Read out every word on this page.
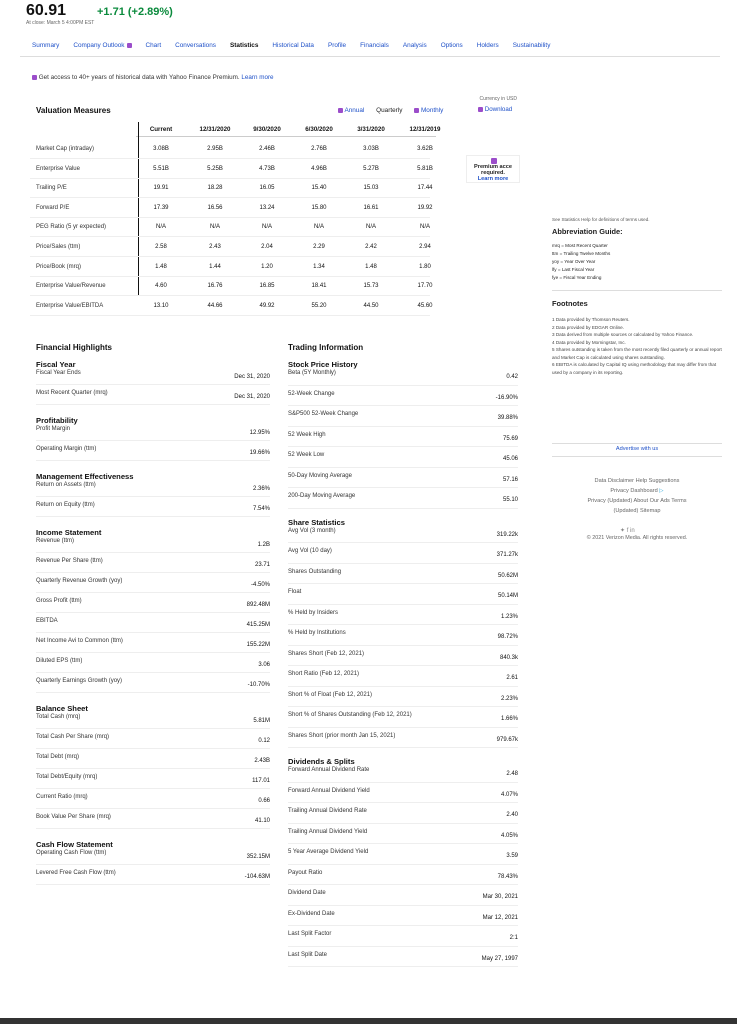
60.91	+1.71 (+2.89%)
At close: March 5 4:00PM EST
Summary Company Outlook	Chart Conversations Statistics Historical Data Profile Financials Analysis Options Holders Sustainability
Get access to 40+ years of historical data with Yahoo Finance Premium. Learn more
Valuation Measures	Annual Quarterly	Monthly
Currency in USD
Download
Current	12/31/2020	9/30/2020	6/30/2020	3/31/2020	12/31/2019
Market Cap (intraday)	3.08B	2.95B	2.46B	2.76B	3.03B	3.62B
Enterprise Value	5.51B	5.25B	4.73B	4.96B	5.27B	5.81B
Trailing P/E	19.91	18.28	16.05	15.40	15.03	17.44
Forward P/E	17.39	16.56	13.24	15.80	16.61	19.92
PEG Ratio (5 yr expected)	N/A	N/A	N/A	N/A	N/A	N/A
Price/Sales (ttm)	2.58	2.43	2.04	2.29	2.42	2.94
Price/Book (mrq)	1.48	1.44	1.20	1.34	1.48	1.80
Enterprise Value/Revenue	4.60	16.76	16.85	18.41	15.73	17.70
Enterprise Value/EBITDA	13.10	44.66	49.92	55.20	44.50	45.60
Premium acce
required.
Learn more
See Statistics Help for definitions of terms used.
Abbreviation Guide:
mrq = Most Recent Quarter
ttm = Trailing Twelve Months
yoy = Year Over Year
lfy = Last Fiscal Year
fye = Fiscal Year Ending
Footnotes
1 Data provided by Thomson Reuters.
2 Data provided by EDGAR Online.
3 Data derived from multiple sources or calculated by Yahoo Finance.
4 Data provided by Morningstar, Inc.
5 Shares outstanding is taken from the most recently filed quarterly or annual report and Market Cap is calculated using shares outstanding.
6 EBITDA is calculated by Capital IQ using methodology that may differ from that used by a company in its reporting.
Advertise with us
Data Disclaimer Help Suggestions
Privacy Dashboard ▷
Privacy (Updated) About Our Ads Terms
(Updated) Sitemap
✦ f in
© 2021 Verizon Media. All rights reserved.
Financial Highlights
Fiscal Year
Fiscal Year Ends
Dec 31, 2020
Most Recent Quarter (mrq)
Dec 31, 2020
Profitability
Profit Margin
12.95%
Operating Margin (ttm)
19.66%
Management Effectiveness
Return on Assets (ttm)
2.36%
Return on Equity (ttm)
7.54%
Income Statement
Revenue (ttm)
1.2B
Revenue Per Share (ttm)
23.71
Quarterly Revenue Growth (yoy)
-4.50%
Gross Profit (ttm)
892.48M
EBITDA
415.25M
Net Income Avi to Common (ttm)
155.22M
Diluted EPS (ttm)
3.06
Quarterly Earnings Growth (yoy)
-10.70%
Balance Sheet
Total Cash (mrq)
5.81M
Total Cash Per Share (mrq)
0.12
Total Debt (mrq)
2.43B
Total Debt/Equity (mrq)
117.01
Current Ratio (mrq)
0.66
Book Value Per Share (mrq)
41.10
Cash Flow Statement
Operating Cash Flow (ttm)
352.15M
Levered Free Cash Flow (ttm)
-104.63M
Trading Information
Stock Price History
Beta (5Y Monthly)
0.42
52-Week Change
-16.90%
S&P500 52-Week Change
39.88%
52 Week High
75.69
52 Week Low
45.06
50-Day Moving Average
57.16
200-Day Moving Average
55.10
Share Statistics
Avg Vol (3 month)
319.22k
Avg Vol (10 day)
371.27k
Shares Outstanding
50.62M
Float
50.14M
% Held by Insiders
1.23%
% Held by Institutions
98.72%
Shares Short (Feb 12, 2021)
840.3k
Short Ratio (Feb 12, 2021)
2.61
Short % of Float (Feb 12, 2021)
2.23%
Short % of Shares Outstanding (Feb 12, 2021)
1.66%
Shares Short (prior month Jan 15, 2021)
979.67k
Dividends & Splits
Forward Annual Dividend Rate
2.48
Forward Annual Dividend Yield
4.07%
Trailing Annual Dividend Rate
2.40
Trailing Annual Dividend Yield
4.05%
5 Year Average Dividend Yield
3.59
Payout Ratio
78.43%
Dividend Date
Mar 30, 2021
Ex-Dividend Date
Mar 12, 2021
Last Split Factor
2:1
Last Split Date
May 27, 1997
